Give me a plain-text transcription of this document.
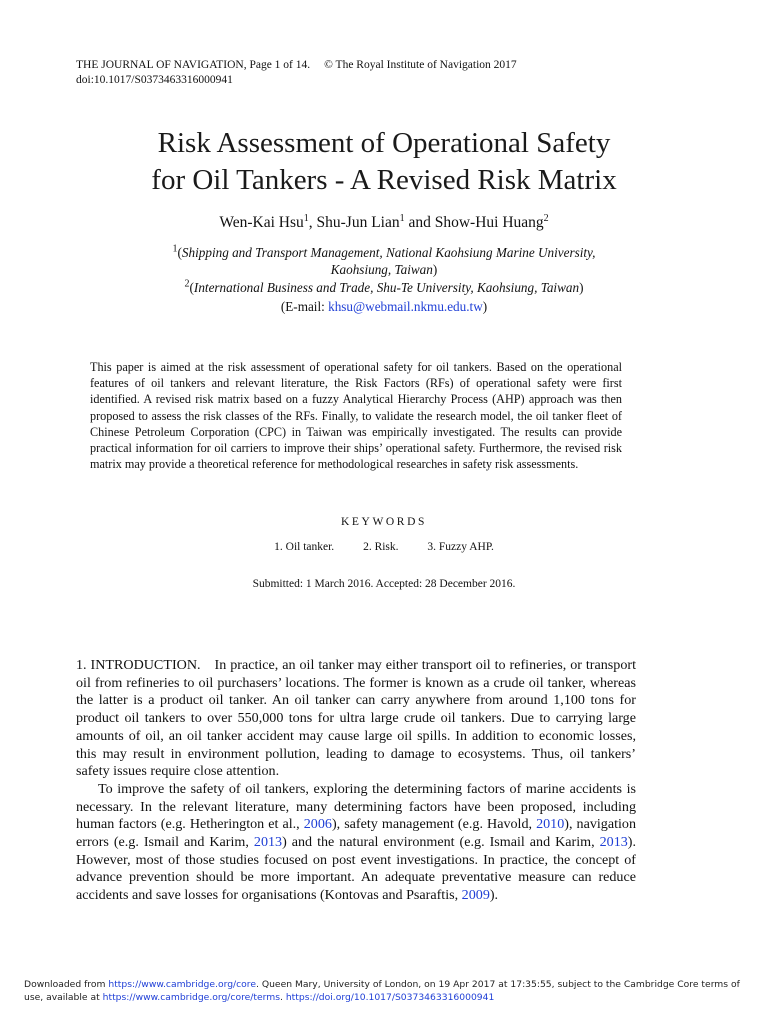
THE JOURNAL OF NAVIGATION, Page 1 of 14. © The Royal Institute of Navigation 2017
doi:10.1017/S0373463316000941
Risk Assessment of Operational Safety
for Oil Tankers - A Revised Risk Matrix
Wen-Kai Hsu$^1$, Shu-Jun Lian$^1$ and Show-Hui Huang$^2$
$^1$(Shipping and Transport Management, National Kaohsiung Marine University,
Kaohsiung, Taiwan)
$^2$(International Business and Trade, Shu-Te University, Kaohsiung, Taiwan)
(E-mail: khsu@webmail.nkmu.edu.tw)
This paper is aimed at the risk assessment of operational safety for oil tankers. Based on the operational features of oil tankers and relevant literature, the Risk Factors (RFs) of operational safety were first identified. A revised risk matrix based on a fuzzy Analytical Hierarchy Process (AHP) approach was then proposed to assess the risk classes of the RFs. Finally, to validate the research model, the oil tanker fleet of Chinese Petroleum Corporation (CPC) in Taiwan was empirically investigated. The results can provide practical information for oil carriers to improve their ships’ operational safety. Furthermore, the revised risk matrix may provide a theoretical reference for methodological researches in safety risk assessments.
KEYWORDS
1. Oil tanker.	2. Risk.	3. Fuzzy AHP.
Submitted: 1 March 2016. Accepted: 28 December 2016.

1. INTRODUCTION. In practice, an oil tanker may either transport oil to refineries, or transport oil from refineries to oil purchasers’ locations. The former is known as a crude oil tanker, whereas the latter is a product oil tanker. An oil tanker can carry anywhere from around 1,100 tons for product oil tankers to over 550,000 tons for ultra large crude oil tankers. Due to carrying large amounts of oil, an oil tanker accident may cause large oil spills. In addition to economic losses, this may result in environment pollution, leading to damage to ecosystems. Thus, oil tankers’ safety issues require close attention.

To improve the safety of oil tankers, exploring the determining factors of marine accidents is necessary. In the relevant literature, many determining factors have been proposed, including human factors (e.g. Hetherington et al., 2006), safety management (e.g. Havold, 2010), navigation errors (e.g. Ismail and Karim, 2013) and the natural environment (e.g. Ismail and Karim, 2013). However, most of those studies focused on post event investigations. In practice, the concept of advance prevention should be more important. An adequate preventative measure can reduce accidents and save losses for organisations (Kontovas and Psaraftis, 2009).

Downloaded from https://www.cambridge.org/core. Queen Mary, University of London, on 19 Apr 2017 at 17:35:55, subject to the Cambridge Core terms of use, available at https://www.cambridge.org/core/terms. https://doi.org/10.1017/S0373463316000941
